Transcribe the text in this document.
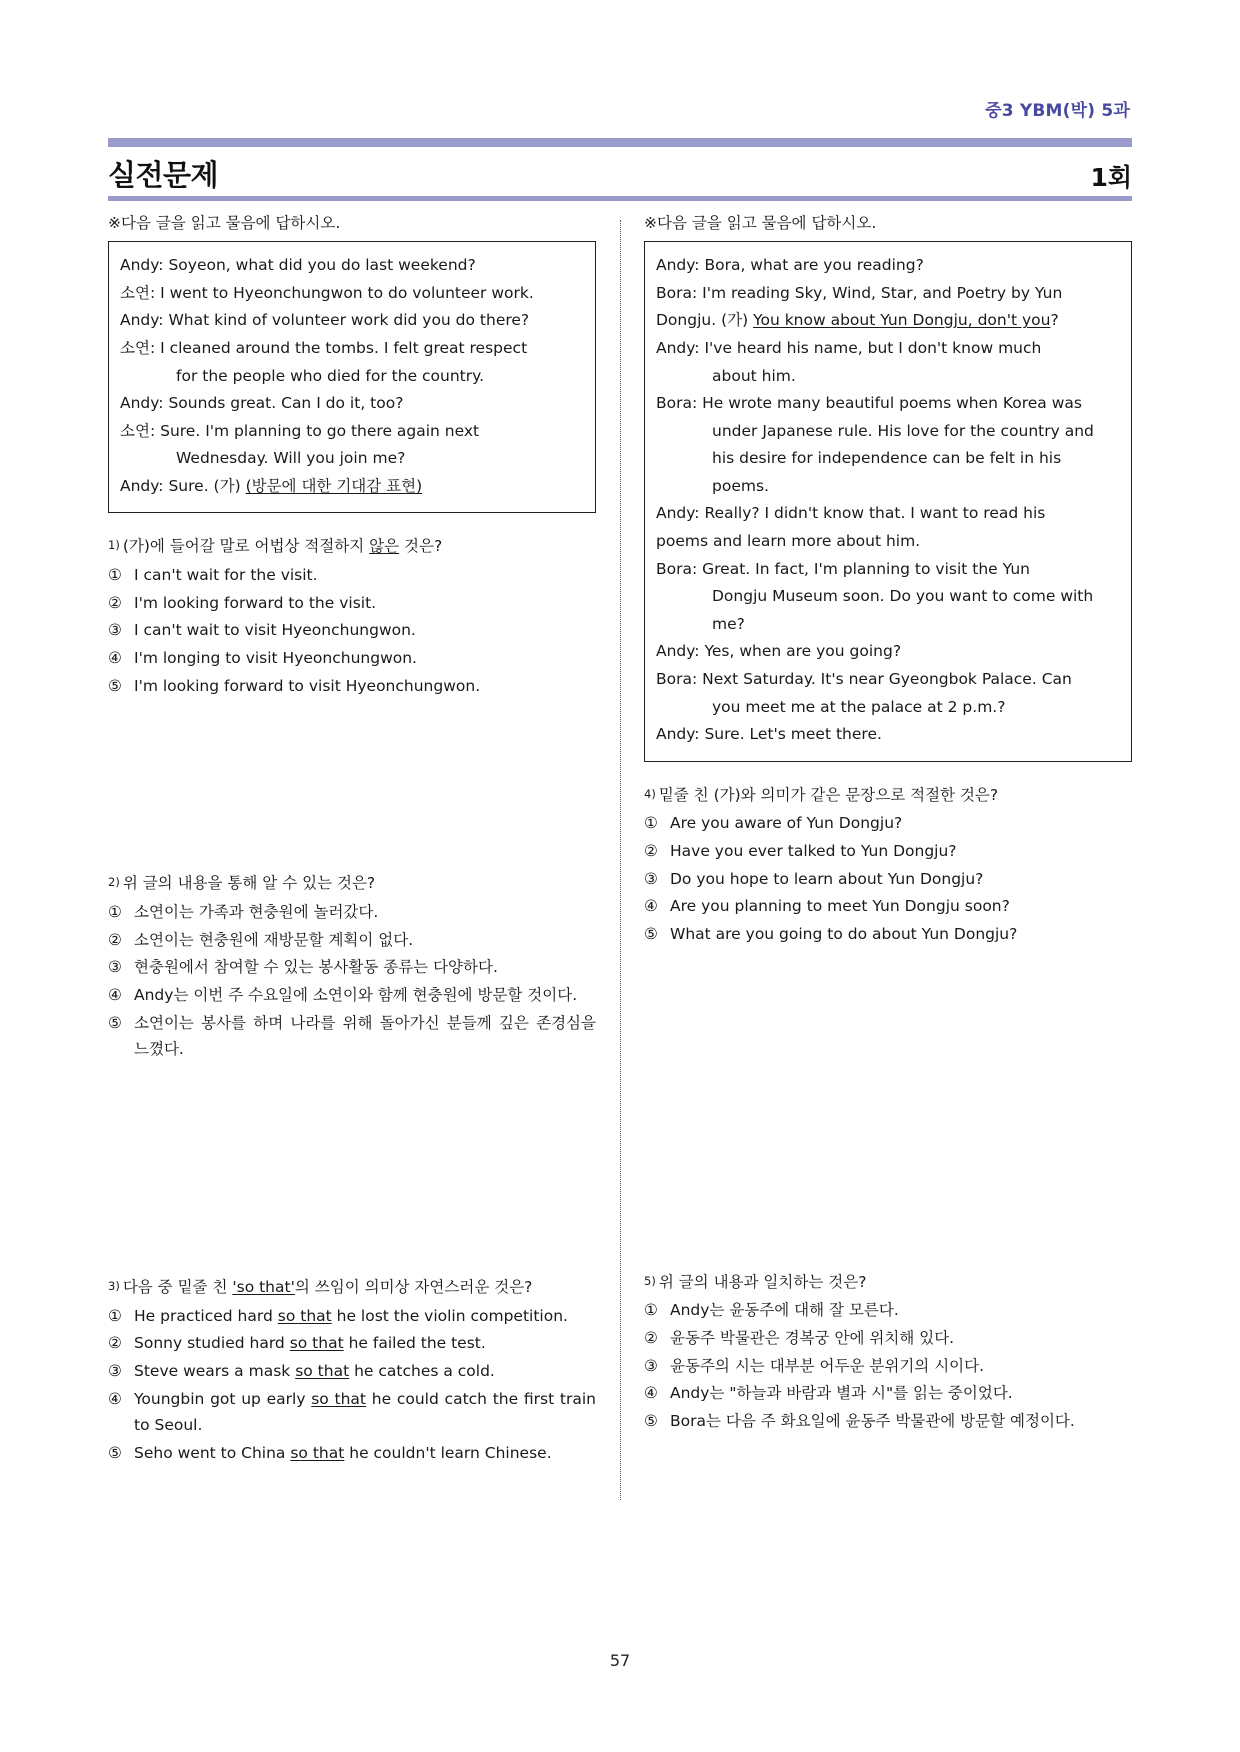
중3 YBM(박) 5과
실전문제	1회
※다음 글을 읽고 물음에 답하시오.
Andy: Soyeon, what did you do last weekend?
소연: I went to Hyeonchungwon to do volunteer work.
Andy: What kind of volunteer work did you do there?
소연: I cleaned around the tombs. I felt great respect
for the people who died for the country.
Andy: Sounds great. Can I do it, too?
소연: Sure. I'm planning to go there again next
Wednesday. Will you join me?
Andy: Sure. (가) (방문에 대한 기대감 표현)
1) (가)에 들어갈 말로 어법상 적절하지 않은 것은?
① I can't wait for the visit.
② I'm looking forward to the visit.
③ I can't wait to visit Hyeonchungwon.
④ I'm longing to visit Hyeonchungwon.
⑤ I'm looking forward to visit Hyeonchungwon.
2) 위 글의 내용을 통해 알 수 있는 것은?
① 소연이는 가족과 현충원에 놀러갔다.
② 소연이는 현충원에 재방문할 계획이 없다.
③ 현충원에서 참여할 수 있는 봉사활동 종류는 다양하다.
④ Andy는 이번 주 수요일에 소연이와 함께 현충원에 방문할 것이다.
⑤ 소연이는 봉사를 하며 나라를 위해 돌아가신 분들께 깊은 존경심을 느꼈다.
3) 다음 중 밑줄 친 'so that'의 쓰임이 의미상 자연스러운 것은?
① He practiced hard so that he lost the violin competition.
② Sonny studied hard so that he failed the test.
③ Steve wears a mask so that he catches a cold.
④ Youngbin got up early so that he could catch the first train to Seoul.
⑤ Seho went to China so that he couldn't learn Chinese.
※다음 글을 읽고 물음에 답하시오.
Andy: Bora, what are you reading?
Bora: I'm reading Sky, Wind, Star, and Poetry by Yun
Dongju. (가) You know about Yun Dongju, don't you?
Andy: I've heard his name, but I don't know much
about him.
Bora: He wrote many beautiful poems when Korea was
under Japanese rule. His love for the country and
his desire for independence can be felt in his
poems.
Andy: Really? I didn't know that. I want to read his
poems and learn more about him.
Bora: Great. In fact, I'm planning to visit the Yun
Dongju Museum soon. Do you want to come with
me?
Andy: Yes, when are you going?
Bora: Next Saturday. It's near Gyeongbok Palace. Can
you meet me at the palace at 2 p.m.?
Andy: Sure. Let's meet there.
4) 밑줄 친 (가)와 의미가 같은 문장으로 적절한 것은?
① Are you aware of Yun Dongju?
② Have you ever talked to Yun Dongju?
③ Do you hope to learn about Yun Dongju?
④ Are you planning to meet Yun Dongju soon?
⑤ What are you going to do about Yun Dongju?
5) 위 글의 내용과 일치하는 것은?
① Andy는 윤동주에 대해 잘 모른다.
② 윤동주 박물관은 경복궁 안에 위치해 있다.
③ 윤동주의 시는 대부분 어두운 분위기의 시이다.
④ Andy는 "하늘과 바람과 별과 시"를 읽는 중이었다.
⑤ Bora는 다음 주 화요일에 윤동주 박물관에 방문할 예정이다.
57
